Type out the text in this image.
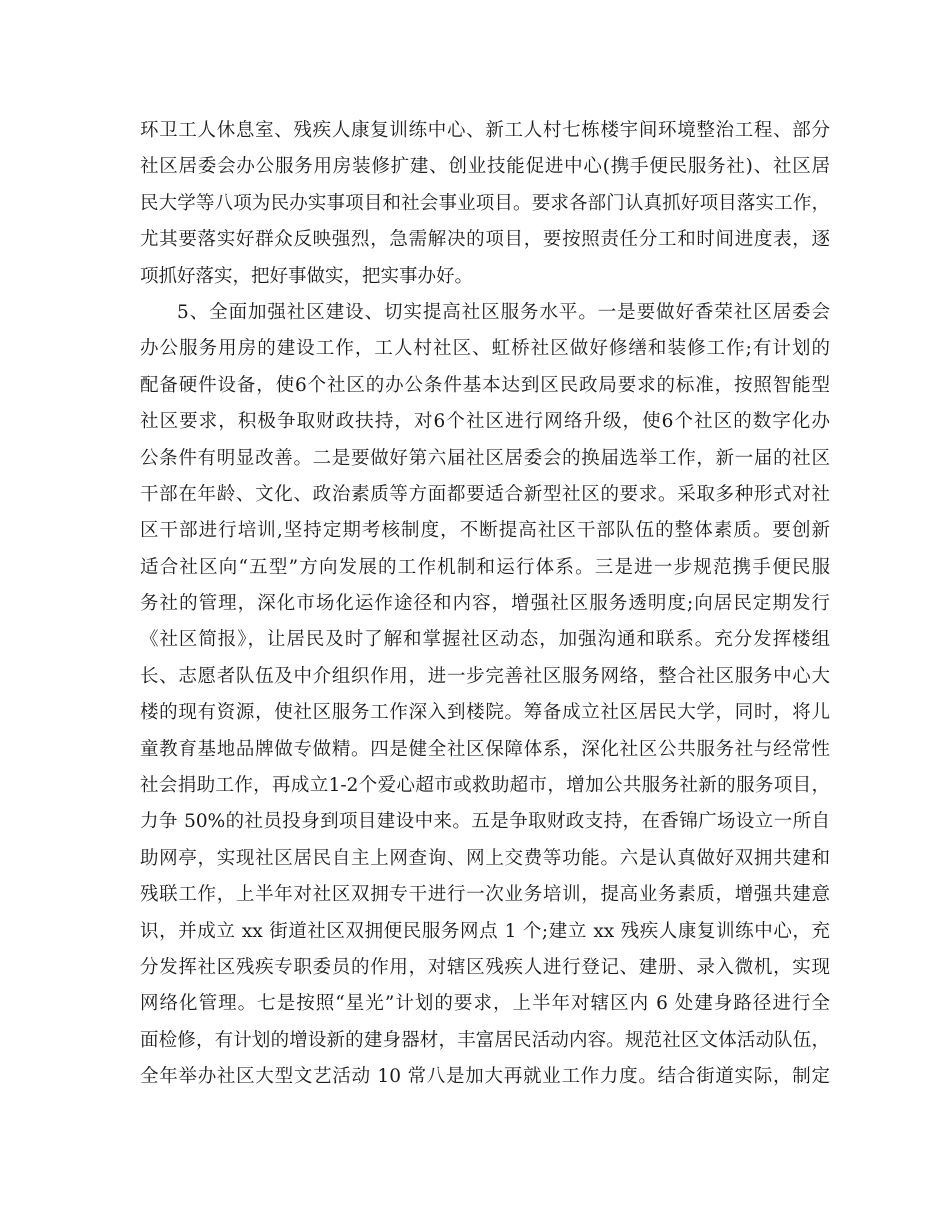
环卫工人休息室、残疾人康复训练中心、新工人村七栋楼宇间环境整治工程、部分
社区居委会办公服务用房装修扩建、创业技能促进中心(携手便民服务社)、社区居
民大学等八项为民办实事项目和社会事业项目。要求各部门认真抓好项目落实工作，
尤其要落实好群众反映强烈，急需解决的项目，要按照责任分工和时间进度表，逐
项抓好落实，把好事做实，把实事办好。
5、全面加强社区建设、切实提高社区服务水平。一是要做好香荣社区居委会
办公服务用房的建设工作，工人村社区、虹桥社区做好修缮和装修工作;有计划的
配备硬件设备，使6个社区的办公条件基本达到区民政局要求的标准，按照智能型
社区要求，积极争取财政扶持，对6个社区进行网络升级，使6个社区的数字化办
公条件有明显改善。二是要做好第六届社区居委会的换届选举工作，新一届的社区
干部在年龄、文化、政治素质等方面都要适合新型社区的要求。采取多种形式对社
区干部进行培训,坚持定期考核制度，不断提高社区干部队伍的整体素质。要创新
适合社区向“五型”方向发展的工作机制和运行体系。三是进一步规范携手便民服
务社的管理，深化市场化运作途径和内容，增强社区服务透明度;向居民定期发行
《社区简报》，让居民及时了解和掌握社区动态，加强沟通和联系。充分发挥楼组
长、志愿者队伍及中介组织作用，进一步完善社区服务网络，整合社区服务中心大
楼的现有资源，使社区服务工作深入到楼院。筹备成立社区居民大学，同时，将儿
童教育基地品牌做专做精。四是健全社区保障体系，深化社区公共服务社与经常性
社会捐助工作，再成立1-2个爱心超市或救助超市，增加公共服务社新的服务项目，
力争 50%的社员投身到项目建设中来。五是争取财政支持，在香锦广场设立一所自
助网亭，实现社区居民自主上网查询、网上交费等功能。六是认真做好双拥共建和
残联工作，上半年对社区双拥专干进行一次业务培训，提高业务素质，增强共建意
识，并成立 xx 街道社区双拥便民服务网点 1 个;建立 xx 残疾人康复训练中心，充
分发挥社区残疾专职委员的作用，对辖区残疾人进行登记、建册、录入微机，实现
网络化管理。七是按照“星光”计划的要求，上半年对辖区内 6 处建身路径进行全
面检修，有计划的增设新的建身器材，丰富居民活动内容。规范社区文体活动队伍，
全年举办社区大型文艺活动 10 常八是加大再就业工作力度。结合街道实际，制定
